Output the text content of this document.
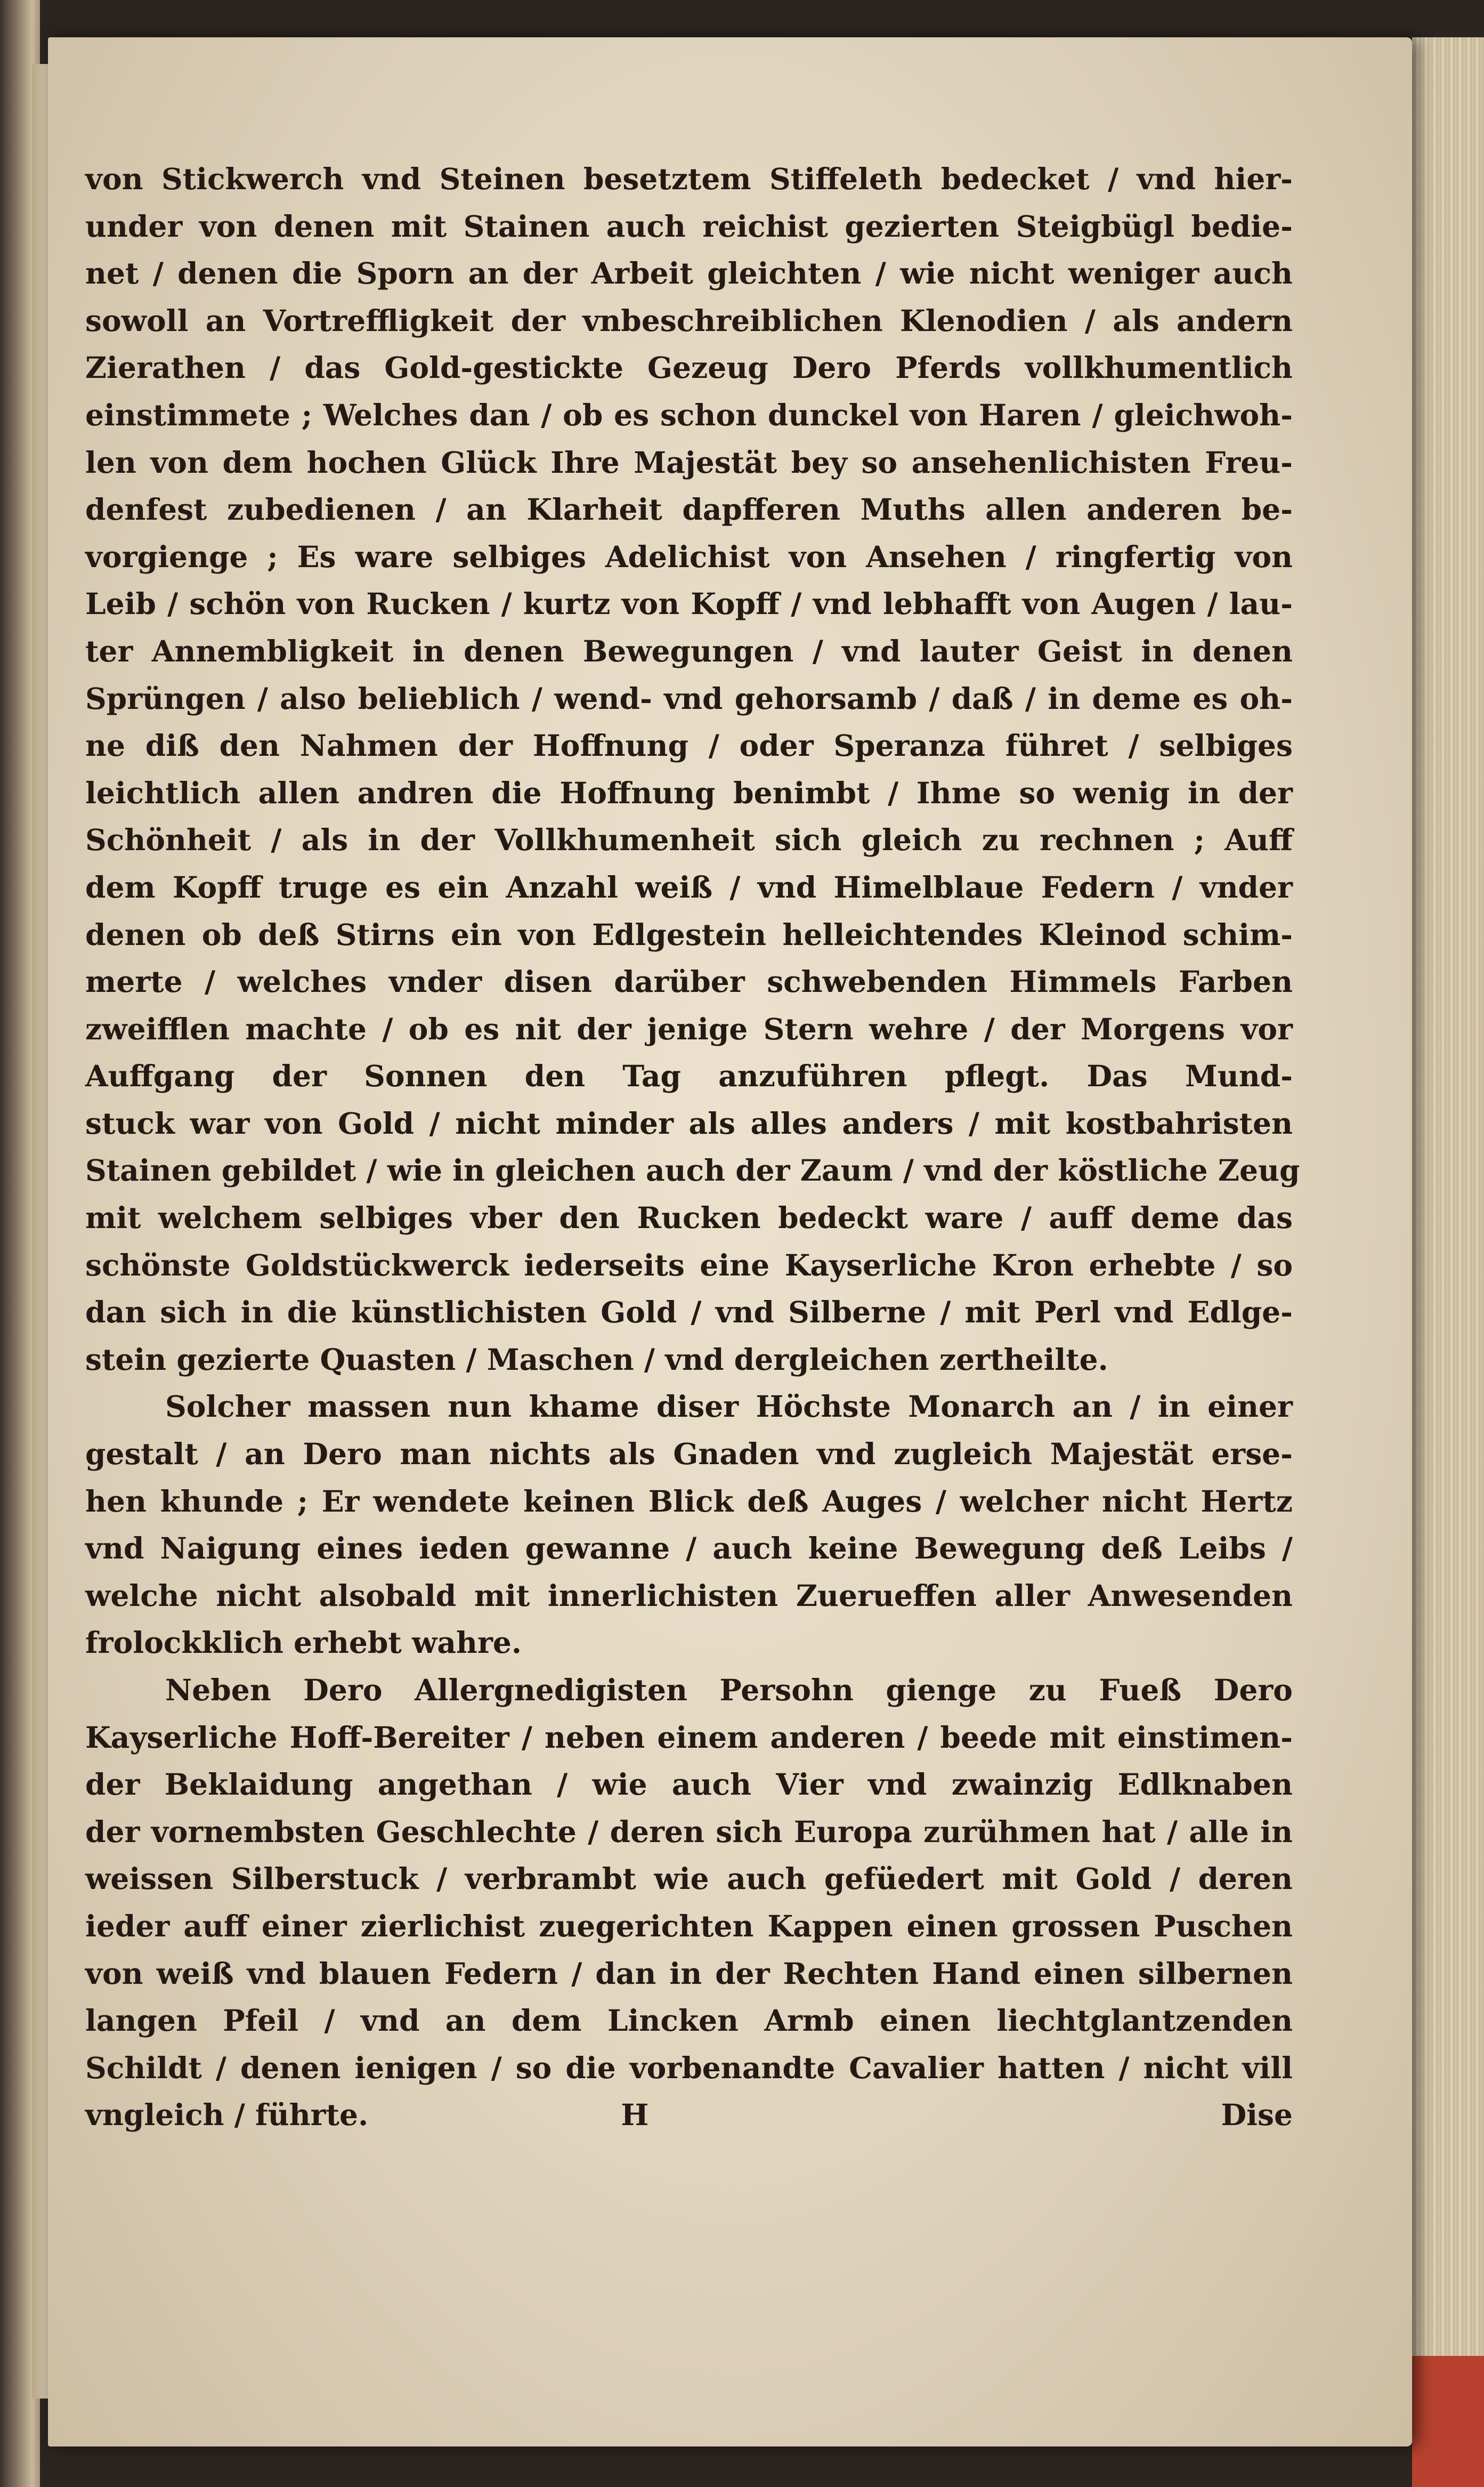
von Stickwerch vnd Steinen besetztem Stiffeleth bedecket / vnd hier-
under von denen mit Stainen auch reichist gezierten Steigbügl bedie-
net / denen die Sporn an der Arbeit gleichten / wie nicht weniger auch
sowoll an Vortreffligkeit der vnbeschreiblichen Klenodien / als andern
Zierathen / das Gold-gestickte Gezeug Dero Pferds vollkhumentlich
einstimmete ; Welches dan / ob es schon dunckel von Haren / gleichwoh-
len von dem hochen Glück Ihre Majestät bey so ansehenlichisten Freu-
denfest zubedienen / an Klarheit dapfferen Muths allen anderen be-
vorgienge ; Es ware selbiges Adelichist von Ansehen / ringfertig von
Leib / schön von Rucken / kurtz von Kopff / vnd lebhafft von Augen / lau-
ter Annembligkeit in denen Bewegungen / vnd lauter Geist in denen
Sprüngen / also belieblich / wend- vnd gehorsamb / daß / in deme es oh-
ne diß den Nahmen der Hoffnung / oder Speranza führet / selbiges
leichtlich allen andren die Hoffnung benimbt / Ihme so wenig in der
Schönheit / als in der Vollkhumenheit sich gleich zu rechnen ; Auff
dem Kopff truge es ein Anzahl weiß / vnd Himelblaue Federn / vnder
denen ob deß Stirns ein von Edlgestein helleichtendes Kleinod schim-
merte / welches vnder disen darüber schwebenden Himmels Farben
zweifflen machte / ob es nit der jenige Stern wehre / der Morgens vor
Auffgang der Sonnen den Tag anzuführen pflegt. Das Mund-
stuck war von Gold / nicht minder als alles anders / mit kostbahristen
Stainen gebildet / wie in gleichen auch der Zaum / vnd der köstliche Zeug
mit welchem selbiges vber den Rucken bedeckt ware / auff deme das
schönste Goldstückwerck iederseits eine Kayserliche Kron erhebte / so
dan sich in die künstlichisten Gold / vnd Silberne / mit Perl vnd Edlge-
stein gezierte Quasten / Maschen / vnd dergleichen zertheilte.
Solcher massen nun khame diser Höchste Monarch an / in einer
gestalt / an Dero man nichts als Gnaden vnd zugleich Majestät erse-
hen khunde ; Er wendete keinen Blick deß Auges / welcher nicht Hertz
vnd Naigung eines ieden gewanne / auch keine Bewegung deß Leibs /
welche nicht alsobald mit innerlichisten Zuerueffen aller Anwesenden
frolockklich erhebt wahre.
Neben Dero Allergnedigisten Persohn gienge zu Fueß Dero
Kayserliche Hoff-Bereiter / neben einem anderen / beede mit einstimen-
der Beklaidung angethan / wie auch Vier vnd zwainzig Edlknaben
der vornembsten Geschlechte / deren sich Europa zurühmen hat / alle in
weissen Silberstuck / verbrambt wie auch gefüedert mit Gold / deren
ieder auff einer zierlichist zuegerichten Kappen einen grossen Puschen
von weiß vnd blauen Federn / dan in der Rechten Hand einen silbernen
langen Pfeil / vnd an dem Lincken Armb einen liechtglantzenden
Schildt / denen ienigen / so die vorbenandte Cavalier hatten / nicht vill
vngleich / führte.	H	Dise
